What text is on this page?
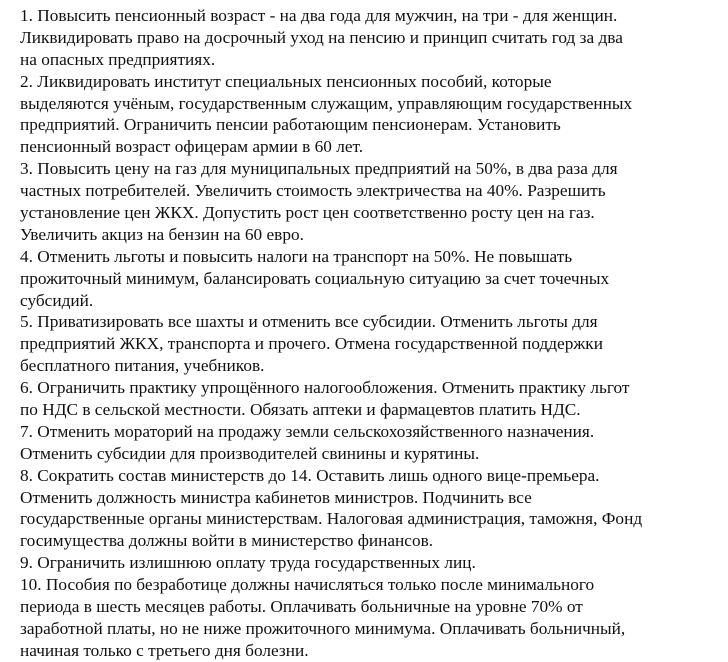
1. Повысить пенсионный возраст - на два года для мужчин, на три - для женщин.
Ликвидировать право на досрочный уход на пенсию и принцип считать год за два
на опасных предприятиях.
2. Ликвидировать институт специальных пенсионных пособий, которые
выделяются учёным, государственным служащим, управляющим государственных
предприятий. Ограничить пенсии работающим пенсионерам. Установить
пенсионный возраст офицерам армии в 60 лет.
3. Повысить цену на газ для муниципальных предприятий на 50%, в два раза для
частных потребителей. Увеличить стоимость электричества на 40%. Разрешить
установление цен ЖКХ. Допустить рост цен соответственно росту цен на газ.
Увеличить акциз на бензин на 60 евро.
4. Отменить льготы и повысить налоги на транспорт на 50%. Не повышать
прожиточный минимум, балансировать социальную ситуацию за счет точечных
субсидий.
5. Приватизировать все шахты и отменить все субсидии. Отменить льготы для
предприятий ЖКХ, транспорта и прочего. Отмена государственной поддержки
бесплатного питания, учебников.
6. Ограничить практику упрощённого налогообложения. Отменить практику льгот
по НДС в сельской местности. Обязать аптеки и фармацевтов платить НДС.
7. Отменить мораторий на продажу земли сельскохозяйственного назначения.
Отменить субсидии для производителей свинины и курятины.
8. Сократить состав министерств до 14. Оставить лишь одного вице-премьера.
Отменить должность министра кабинетов министров. Подчинить все
государственные органы министерствам. Налоговая администрация, таможня, Фонд
госимущества должны войти в министерство финансов.
9. Ограничить излишнюю оплату труда государственных лиц.
10. Пособия по безработице должны начисляться только после минимального
периода в шесть месяцев работы. Оплачивать больничные на уровне 70% от
заработной платы, но не ниже прожиточного минимума. Оплачивать больничный,
начиная только с третьего дня болезни.
